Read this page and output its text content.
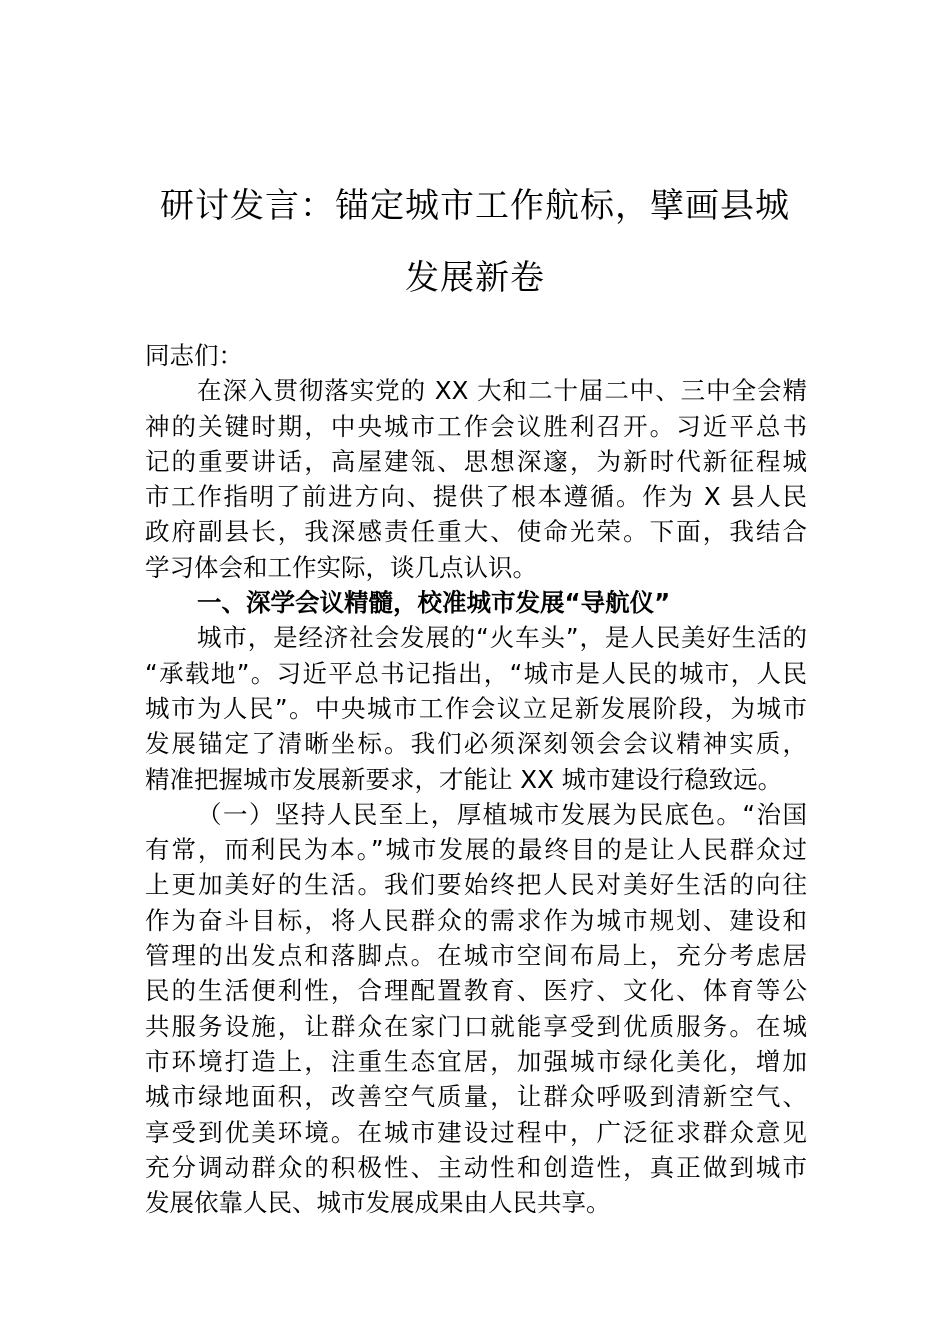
研讨发言：锚定城市工作航标，擘画县城
发展新卷
同志们：
在深入贯彻落实党的 XX 大和二十届二中、三中全会精
神的关键时期，中央城市工作会议胜利召开。习近平总书
记的重要讲话，高屋建瓴、思想深邃，为新时代新征程城
市工作指明了前进方向、提供了根本遵循。作为 X 县人民
政府副县长，我深感责任重大、使命光荣。下面，我结合
学习体会和工作实际，谈几点认识。
一、深学会议精髓，校准城市发展“导航仪”
城市，是经济社会发展的“火车头”，是人民美好生活的
“承载地”。习近平总书记指出，“城市是人民的城市，人民
城市为人民”。中央城市工作会议立足新发展阶段，为城市
发展锚定了清晰坐标。我们必须深刻领会会议精神实质，
精准把握城市发展新要求，才能让 XX 城市建设行稳致远。
（一）坚持人民至上，厚植城市发展为民底色。“治国
有常，而利民为本。”城市发展的最终目的是让人民群众过
上更加美好的生活。我们要始终把人民对美好生活的向往
作为奋斗目标，将人民群众的需求作为城市规划、建设和
管理的出发点和落脚点。在城市空间布局上，充分考虑居
民的生活便利性，合理配置教育、医疗、文化、体育等公
共服务设施，让群众在家门口就能享受到优质服务。在城
市环境打造上，注重生态宜居，加强城市绿化美化，增加
城市绿地面积，改善空气质量，让群众呼吸到清新空气、
享受到优美环境。在城市建设过程中，广泛征求群众意见
充分调动群众的积极性、主动性和创造性，真正做到城市
发展依靠人民、城市发展成果由人民共享。
